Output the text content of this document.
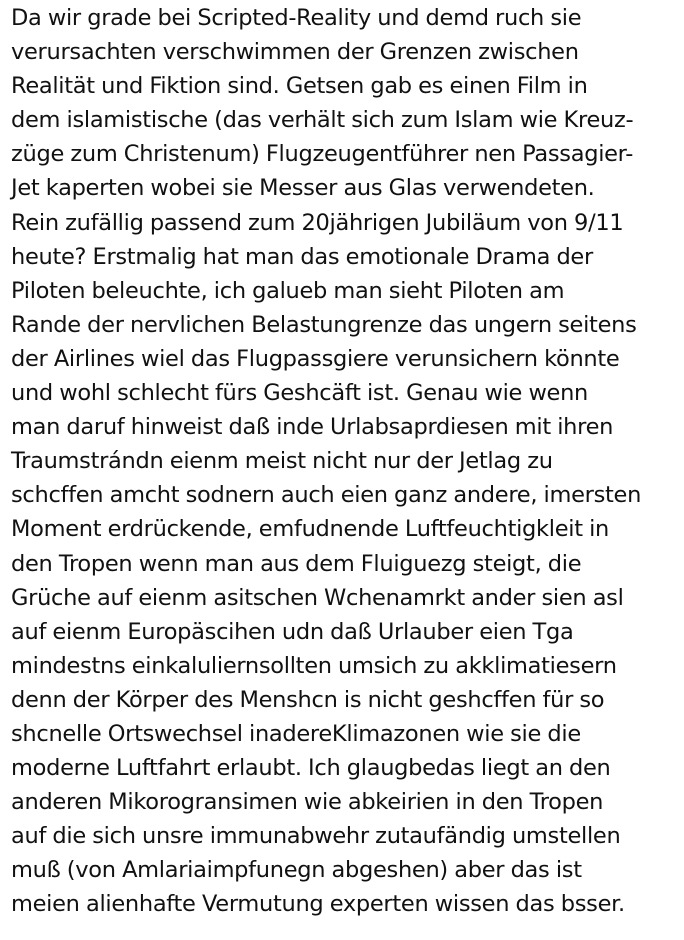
Da wir grade bei Scripted-Reality und demd ruch sie
verursachten verschwimmen der Grenzen zwischen
Realität und Fiktion sind. Getsen gab es einen Film in
dem islamistische (das verhält sich zum Islam wie Kreuz-
züge zum Christenum) Flugzeugentführer nen Passagier-
Jet kaperten wobei sie Messer aus Glas verwendeten.
Rein zufällig passend zum 20jährigen Jubiläum von 9/11
heute? Erstmalig hat man das emotionale Drama der
Piloten beleuchte, ich galueb man sieht Piloten am
Rande der nervlichen Belastungrenze das ungern seitens
der Airlines wiel das Flugpassgiere verunsichern könnte
und wohl schlecht fürs Geshcäft ist. Genau wie wenn
man daruf hinweist daß inde Urlabsaprdiesen mit ihren
Traumstrándn eienm meist nicht nur der Jetlag zu
schcffen amcht sodnern auch eien ganz andere, imersten
Moment erdrückende, emfudnende Luftfeuchtigkleit in
den Tropen wenn man aus dem Fluiguezg steigt, die
Grüche auf eienm asitschen Wchenamrkt ander sien asl
auf eienm Europäscihen udn daß Urlauber eien Tga
mindestns einkaluliernsollten umsich zu akklimatiesern
denn der Körper des Menshcn is nicht geshcffen für so
shcnelle Ortswechsel inadereKlimazonen wie sie die
moderne Luftfahrt erlaubt. Ich glaugbedas liegt an den
anderen Mikorogransimen wie abkeirien in den Tropen
auf die sich unsre immunabwehr zutaufändig umstellen
muß (von Amlariaimpfunegn abgeshen) aber das ist
meien alienhafte Vermutung experten wissen das bsser.
